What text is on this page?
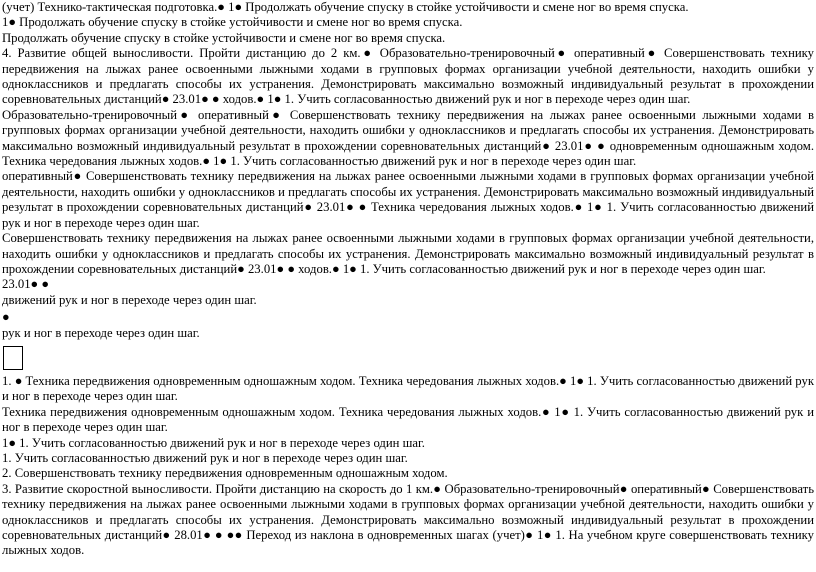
(учет) Технико-тактическая подготовка.● 1● Продолжать обучение спуску в стойке устойчивости и смене ног во время спуска.

1● Продолжать обучение спуску в стойке устойчивости и смене ног во время спуска.

Продолжать обучение спуску в стойке устойчивости и смене ног во время спуска.

4. Развитие общей выносливости. Пройти дистанцию до 2 км.● Образовательно-тренировочный● оперативный● Совершенствовать технику передвижения на лыжах ранее освоенными лыжными ходами в групповых формах организации учебной деятельности, находить ошибки у одноклассников и предлагать способы их устранения. Демонстрировать максимально возможный индивидуальный результат в прохождении соревновательных дистанций● 23.01● ● ходов.● 1● 1. Учить согласованностью движений рук и ног в переходе через один шаг.

Образовательно-тренировочный● оперативный● Совершенствовать технику передвижения на лыжах ранее освоенными лыжными ходами в групповых формах организации учебной деятельности, находить ошибки у одноклассников и предлагать способы их устранения. Демонстрировать максимально возможный индивидуальный результат в прохождении соревновательных дистанций● 23.01● ● одновременным одношажным ходом. Техника чередования лыжных ходов.● 1● 1. Учить согласованностью движений рук и ног в переходе через один шаг.

оперативный● Совершенствовать технику передвижения на лыжах ранее освоенными лыжными ходами в групповых формах организации учебной деятельности, находить ошибки у одноклассников и предлагать способы их устранения. Демонстрировать максимально возможный индивидуальный результат в прохождении соревновательных дистанций● 23.01● ● Техника чередования лыжных ходов.● 1● 1. Учить согласованностью движений рук и ног в переходе через один шаг.

Совершенствовать технику передвижения на лыжах ранее освоенными лыжными ходами в групповых формах организации учебной деятельности, находить ошибки у одноклассников и предлагать способы их устранения. Демонстрировать максимально возможный индивидуальный результат в прохождении соревновательных дистанций● 23.01● ● ходов.● 1● 1. Учить согласованностью движений рук и ног в переходе через один шаг.

23.01● ●

движений рук и ног в переходе через один шаг.

●

рук и ног в переходе через один шаг.

1. ● Техника передвижения одновременным одношажным ходом. Техника чередования лыжных ходов.● 1● 1. Учить согласованностью движений рук и ног в переходе через один шаг.

Техника передвижения одновременным одношажным ходом. Техника чередования лыжных ходов.● 1● 1. Учить согласованностью движений рук и ног в переходе через один шаг.

1● 1. Учить согласованностью движений рук и ног в переходе через один шаг.

1. Учить согласованностью движений рук и ног в переходе через один шаг.

2. Совершенствовать технику передвижения одновременным одношажным ходом.

3. Развитие скоростной выносливости. Пройти дистанцию на скорость до 1 км.● Образовательно-тренировочный● оперативный● Совершенствовать технику передвижения на лыжах ранее освоенными лыжными ходами в групповых формах организации учебной деятельности, находить ошибки у одноклассников и предлагать способы их устранения. Демонстрировать максимально возможный индивидуальный результат в прохождении соревновательных дистанций● 28.01● ● ●● Переход из наклона в одновременных шагах (учет)● 1● 1. На учебном круге совершенствовать технику лыжных ходов.
